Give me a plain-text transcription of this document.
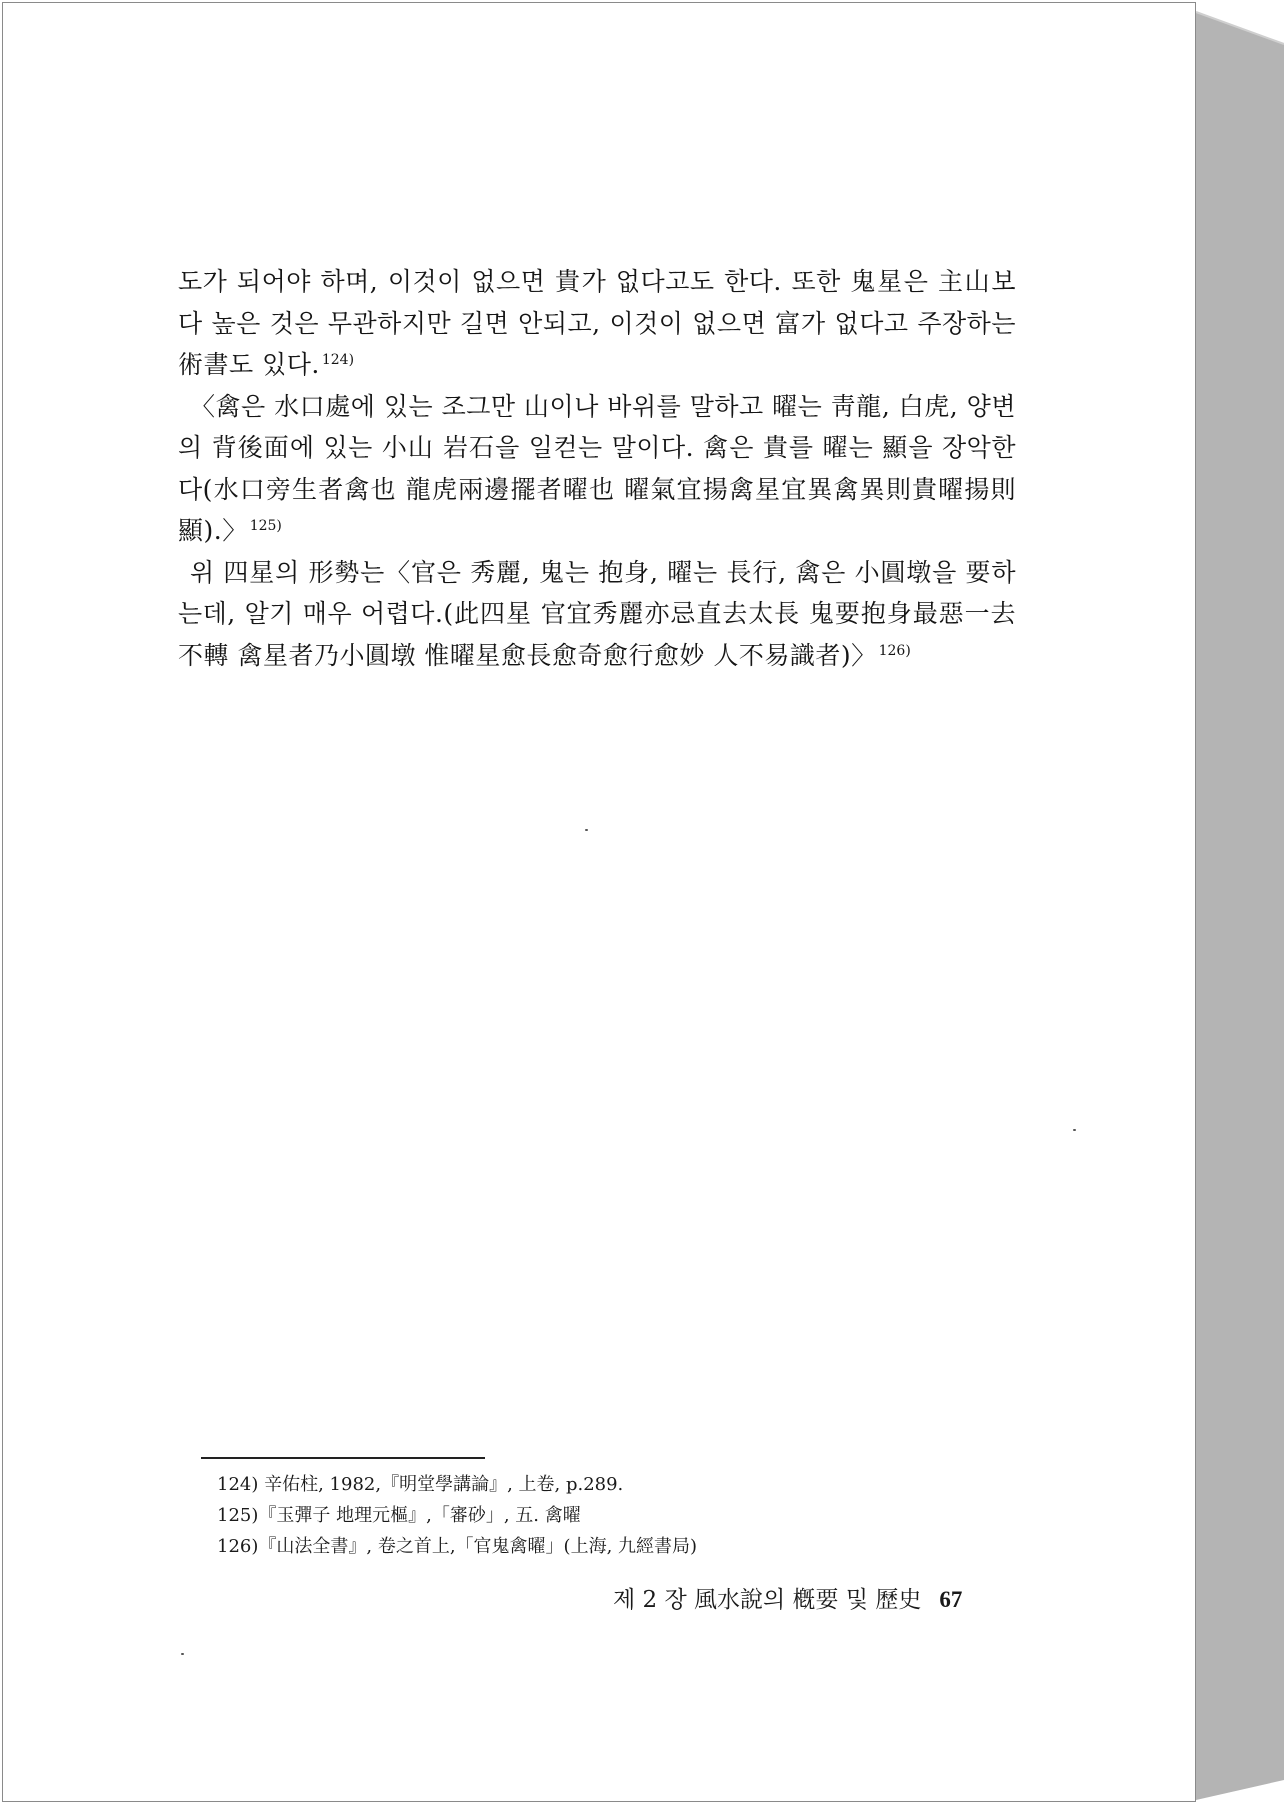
도가 되어야 하며, 이것이 없으면 貴가 없다고도 한다. 또한 鬼星은 主山보다 높은 것은 무관하지만 길면 안되고, 이것이 없으면 富가 없다고 주장하는 術書도 있다. $^{124)}$

〈禽은 水口處에 있는 조그만 山이나 바위를 말하고 曜는 靑龍, 白虎, 양변의 背後面에 있는 小山 岩石을 일컫는 말이다. 禽은 貴를 曜는 顯을 장악한다(水口旁生者禽也 龍虎兩邊擺者曜也 曜氣宜揚禽星宜異禽異則貴曜揚則顯).〉 $^{125)}$

위 四星의 形勢는〈官은 秀麗, 鬼는 抱身, 曜는 長行, 禽은 小圓墩을 要하는데, 알기 매우 어렵다.(此四星 官宜秀麗亦忌直去太長 鬼要抱身最惡一去不轉 禽星者乃小圓墩 惟曜星愈長愈奇愈行愈妙 人不易識者)〉 $^{126)}$

124) 辛佑柱, 1982,『明堂學講論』, 上卷, p.289.

125)『玉彈子 地理元樞』,「審砂」, 五. 禽曜

126)『山法全書』, 卷之首上,「官鬼禽曜」(上海, 九經書局)

제 2 장 風水說의 槪要 및 歷史 67
